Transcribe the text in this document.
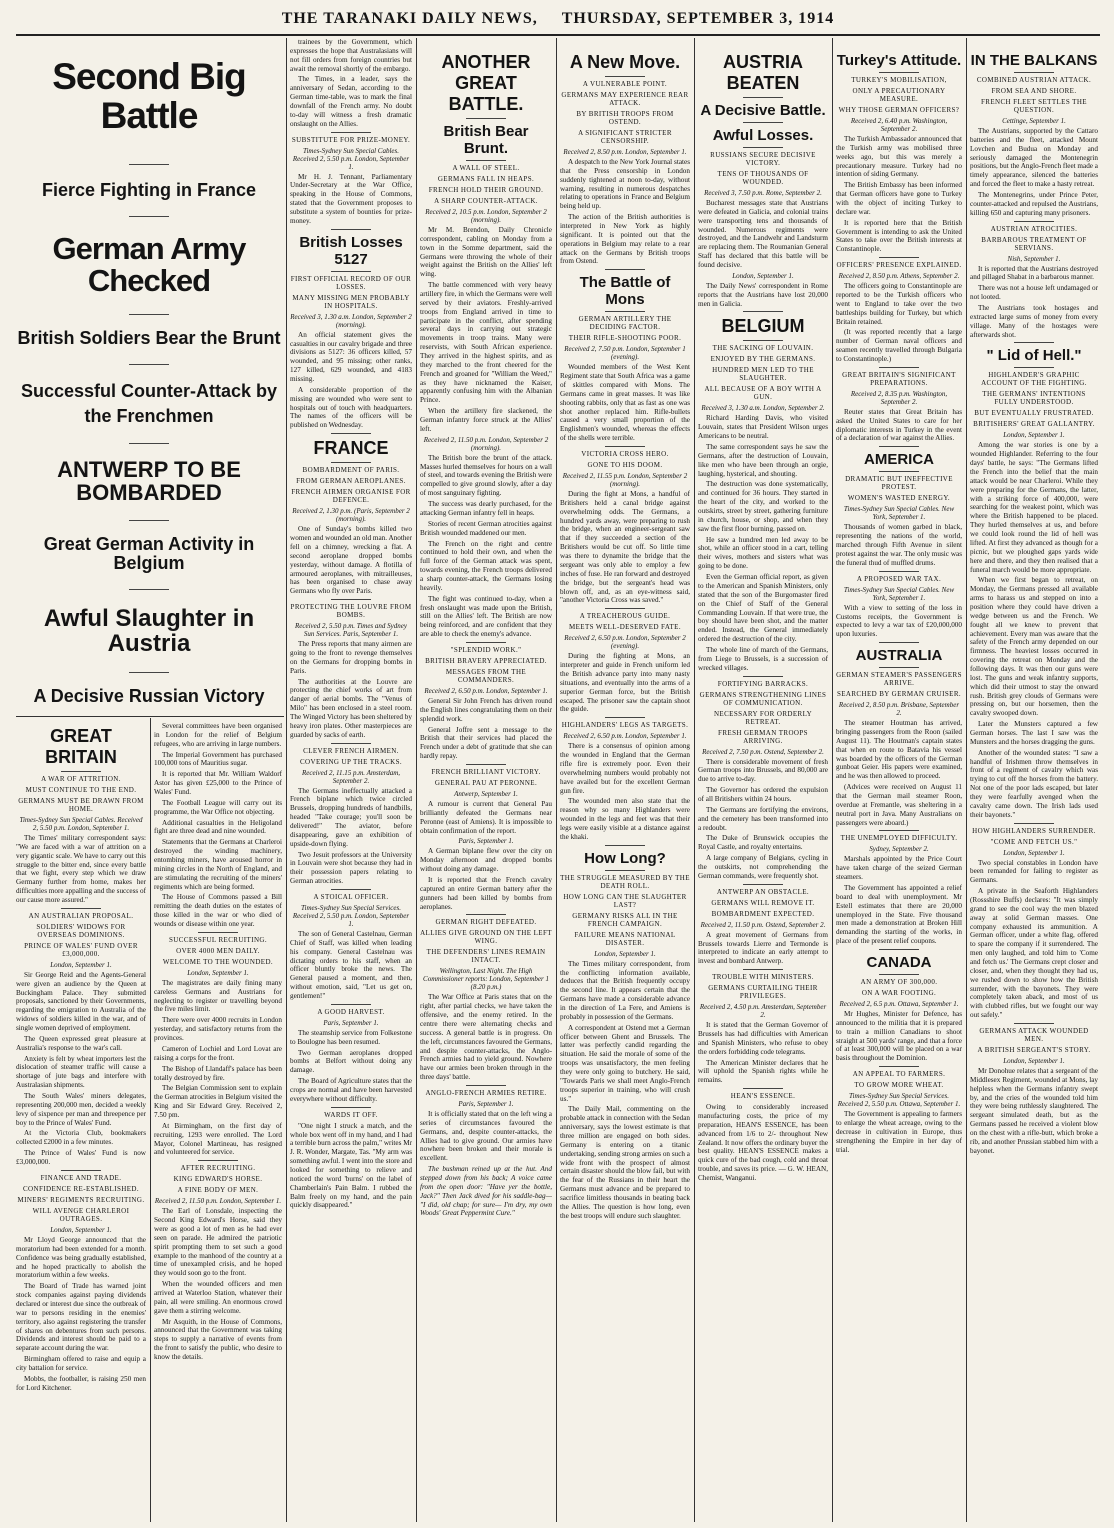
THE TARANAKI DAILY NEWS, THURSDAY, SEPTEMBER 3, 1914

Second Big Battle

Fierce Fighting in France

German Army Checked

British Soldiers Bear the Brunt

Successful Counter-Attack by the Frenchmen

ANTWERP TO BE BOMBARDED

Great German Activity in Belgium

Awful Slaughter in Austria

A Decisive Russian Victory

GREAT BRITAIN

A WAR OF ATTRITION.

MUST CONTINUE TO THE END.

GERMANS MUST BE DRAWN FROM HOME.

Times-Sydney Sun Special Cables. Received 2, 5.50 p.m. London, September 1.

The Times' military correspondent says: "We are faced with a war of attrition on a very gigantic scale. We have to carry out this struggle to the bitter end, since every battle that we fight, every step which we draw Germany further from home, makes her difficulties more appalling and the success of our cause more assured."

AN AUSTRALIAN PROPOSAL.

SOLDIERS' WIDOWS FOR OVERSEAS DOMINIONS.

PRINCE OF WALES' FUND OVER £3,000,000.

London, September 1.

Sir George Reid and the Agents-General were given an audience by the Queen at Buckingham Palace. They submitted proposals, sanctioned by their Governments, regarding the emigration to Australia of the widows of soldiers killed in the war, and of single women deprived of employment.

The Queen expressed great pleasure at Australia's response to the war's call.

Anxiety is felt by wheat importers lest the dislocation of steamer traffic will cause a shortage of jute bags and interfere with Australasian shipments.

The South Wales' miners delegates, representing 200,000 men, decided a weekly levy of sixpence per man and threepence per boy to the Prince of Wales' Fund.

At the Victoria Club, bookmakers collected £2000 in a few minutes.

The Prince of Wales' Fund is now £3,000,000.

FINANCE AND TRADE.

CONFIDENCE RE-ESTABLISHED.

MINERS' REGIMENTS RECRUITING.

WILL AVENGE CHARLEROI OUTRAGES.

London, September 1.

Mr Lloyd George announced that the moratorium had been extended for a month. Confidence was being gradually established, and he hoped practically to abolish the moratorium within a few weeks.

The Board of Trade has warned joint stock companies against paying dividends declared or interest due since the outbreak of war to persons residing in the enemies' territory, also against registering the transfer of shares on debentures from such persons. Dividends and interest should be paid to a separate account during the war.

Birmingham offered to raise and equip a city battalion for service.

Mobbs, the footballer, is raising 250 men for Lord Kitchener.

Several committees have been organised in London for the relief of Belgium refugees, who are arriving in large numbers.

The Imperial Government has purchased 100,000 tons of Mauritius sugar.

It is reported that Mr. William Waldorf Astor has given £25,000 to the Prince of Wales' Fund.

The Football League will carry out its programme, the War Office not objecting.

Additional casualties in the Heligoland fight are three dead and nine wounded.

Statements that the Germans at Charleroi destroyed the winding machinery, entombing miners, have aroused horror in mining circles in the North of England, and are stimulating the recruiting of the miners' regiments which are being formed.

The House of Commons passed a Bill remitting the death duties on the estates of those killed in the war or who died of wounds or disease within one year.

SUCCESSFUL RECRUITING.

OVER 4000 MEN DAILY.

WELCOME TO THE WOUNDED.

London, September 1.

The magistrates are daily fining many careless Germans and Austrians for neglecting to register or travelling beyond the five miles limit.

There were over 4000 recruits in London yesterday, and satisfactory returns from the provinces.

Cameron of Lochiel and Lord Lovat are raising a corps for the front.

The Bishop of Llandaff's palace has been totally destroyed by fire.

The Belgian Commission sent to explain the German atrocities in Belgium visited the King and Sir Edward Grey. Received 2, 7.50 pm.

At Birmingham, on the first day of recruiting, 1293 were enrolled. The Lord Mayor, Colonel Martineau, has resigned and volunteered for service.

AFTER RECRUITING.

KING EDWARD'S HORSE.

A FINE BODY OF MEN.

Received 2, 11.50 p.m. London, September 1.

The Earl of Lonsdale, inspecting the Second King Edward's Horse, said they were as good a lot of men as he had ever seen on parade. He admired the patriotic spirit prompting them to set such a good example to the manhood of the country at a time of unexampled crisis, and he hoped they would soon go to the front.

When the wounded officers and men arrived at Waterloo Station, whatever their pain, all were smiling. An enormous crowd gave them a stirring welcome.

Mr Asquith, in the House of Commons, announced that the Government was taking steps to supply a narrative of events from the front to satisfy the public, who desire to know the details.

trainees by the Government, which expresses the hope that Australasians will not fill orders from foreign countries but await the removal shortly of the embargo.

The Times, in a leader, says the anniversary of Sedan, according to the German time-table, was to mark the final downfall of the French army. No doubt to-day will witness a fresh dramatic onslaught on the Allies.

SUBSTITUTE FOR PRIZE-MONEY.

Times-Sydney Sun Special Cables. Received 2, 5.50 p.m. London, September 1.

Mr H. J. Tennant, Parliamentary Under-Secretary at the War Office, speaking in the House of Commons, stated that the Government proposes to substitute a system of bounties for prize-money.

British Losses 5127

FIRST OFFICIAL RECORD OF OUR LOSSES.

MANY MISSING MEN PROBABLY IN HOSPITALS.

Received 3, 1.30 a.m. London, September 2 (morning).

An official statement gives the casualties in our cavalry brigade and three divisions as 5127: 36 officers killed, 57 wounded, and 95 missing; other ranks, 127 killed, 629 wounded, and 4183 missing.

A considerable proportion of the missing are wounded who were sent to hospitals out of touch with headquarters. The names of the officers will be published on Wednesday.

FRANCE

BOMBARDMENT OF PARIS.

FROM GERMAN AEROPLANES.

FRENCH AIRMEN ORGANISE FOR DEFENCE.

Received 2, 1.30 p.m. (Paris, September 2 (morning).

One of Sunday's bombs killed two women and wounded an old man. Another fell on a chimney, wrecking a flat. A second aeroplane dropped bombs yesterday, without damage. A flotilla of armoured aeroplanes, with mitrailleuses, has been organised to chase away Germans who fly over Paris.

PROTECTING THE LOUVRE FROM BOMBS.

Received 2, 5.50 p.m. Times and Sydney Sun Services. Paris, September 1.

The Press reports that many airmen are going to the front to revenge themselves on the Germans for dropping bombs in Paris.

The authorities at the Louvre are protecting the chief works of art from danger of aerial bombs. The "Venus of Milo" has been enclosed in a steel room. The Winged Victory has been sheltered by heavy iron plates. Other masterpieces are guarded by sacks of earth.

CLEVER FRENCH AIRMEN.

COVERING UP THE TRACKS.

Received 2, 11.15 p.m. Amsterdam, September 2.

The Germans ineffectually attacked a French biplane which twice circled Brussels, dropping hundreds of handbills, headed "Take courage; you'll soon be delivered!" The aviator, before disappearing, gave an exhibition of upside-down flying.

Two Jesuit professors at the University in Louvain were shot because they had in their possession papers relating to German atrocities.

A STOICAL OFFICER.

Times-Sydney Sun Special Services. Received 2, 5.50 p.m. London, September 1.

The son of General Castelnau, German Chief of Staff, was killed when leading his company. General Castelnau was dictating orders to his staff, when an officer bluntly broke the news. The General paused a moment, and then, without emotion, said, "Let us get on, gentlemen!"

A GOOD HARVEST.

Paris, September 1.

The steamship service from Folkestone to Boulogne has been resumed.

Two German aeroplanes dropped bombs at Belfort without doing any damage.

The Board of Agriculture states that the crops are normal and have been harvested everywhere without difficulty.

WARDS IT OFF.

"One night I struck a match, and the whole box went off in my hand, and I had a terrible burn across the palm," writes Mr J. R. Wonder, Margate, Tas. "My arm was something awful. I went into the store and looked for something to relieve and noticed the word 'burns' on the label of Chamberlain's Pain Balm. I rubbed the Balm freely on my hand, and the pain quickly disappeared."

ANOTHER GREAT BATTLE.

British Bear Brunt.

A WALL OF STEEL.

GERMANS FALL IN HEAPS.

FRENCH HOLD THEIR GROUND.

A SHARP COUNTER-ATTACK.

Received 2, 10.5 p.m. London, September 2 (morning).

Mr M. Brendon, Daily Chronicle correspondent, cabling on Monday from a town in the Somme department, said the Germans were throwing the whole of their weight against the British on the Allies' left wing.

The battle commenced with very heavy artillery fire, in which the Germans were well served by their aviators. Freshly-arrived troops from England arrived in time to participate in the conflict, after spending several days in carrying out strategic movements in troop trains. Many were reservists, with South African experience. They arrived in the highest spirits, and as they marched to the front cheered for the French and groaned for "William the Weed," as they have nicknamed the Kaiser, apparently confusing him with the Albanian Prince.

When the artillery fire slackened, the German infantry force struck at the Allies' left.

Received 2, 11.50 p.m. London, September 2 (morning).

The British bore the brunt of the attack. Masses hurled themselves for hours on a wall of steel, and towards evening the British were compelled to give ground slowly, after a day of most sanguinary fighting.

The success was dearly purchased, for the attacking German infantry fell in heaps.

Stories of recent German atrocities against British wounded maddened our men.

The French on the right and centre continued to hold their own, and when the full force of the German attack was spent, towards evening, the French troops delivered a sharp counter-attack, the Germans losing heavily.

The fight was continued to-day, when a fresh onslaught was made upon the British, still on the Allies' left. The British are now being reinforced, and are confident that they are able to check the enemy's advance.

"SPLENDID WORK."

BRITISH BRAVERY APPRECIATED.

MESSAGES FROM THE COMMANDERS.

Received 2, 6.50 p.m. London, September 1.

General Sir John French has driven round the English lines congratulating them on their splendid work.

General Joffre sent a message to the British that their services had placed the French under a debt of gratitude that she can hardly repay.

FRENCH BRILLIANT VICTORY.

GENERAL PAU AT PERONNE.

Antwerp, September 1.

A rumour is current that General Pau brilliantly defeated the Germans near Peronne (east of Amiens). It is impossible to obtain confirmation of the report.

Paris, September 1.

A German biplane flew over the city on Monday afternoon and dropped bombs without doing any damage.

It is reported that the French cavalry captured an entire German battery after the gunners had been killed by bombs from aeroplanes.

GERMAN RIGHT DEFEATED.

ALLIES GIVE GROUND ON THE LEFT WING.

THE DEFENDERS' LINES REMAIN INTACT.

Wellington, Last Night. The High Commissioner reports: London, September 1 (8.20 p.m.)

The War Office at Paris states that on the right, after partial checks, we have taken the offensive, and the enemy retired. In the centre there were alternating checks and success. A general battle is in progress. On the left, circumstances favoured the Germans, and despite counter-attacks, the Anglo-French armies had to yield ground. Nowhere have our armies been broken through in the three days' battle.

ANGLO-FRENCH ARMIES RETIRE.

Paris, September 1.

It is officially stated that on the left wing a series of circumstances favoured the Germans, and, despite counter-attacks, the Allies had to give ground. Our armies have nowhere been broken and their morale is excellent.

The bushman reined up at the hut. And stepped down from his back; A voice came from the open door: "Have yer the bottle, Jack?" Then Jack dived for his saddle-bag— "I did, old chap; for sure— I'm dry, my own Woods' Great Peppermint Cure."

A New Move.

A VULNERABLE POINT.

GERMANS MAY EXPERIENCE REAR ATTACK.

BY BRITISH TROOPS FROM OSTEND.

A SIGNIFICANT STRICTER CENSORSHIP.

Received 2, 8.50 p.m. London, September 1.

A despatch to the New York Journal states that the Press censorship in London suddenly tightened at noon to-day, without warning, resulting in numerous despatches relating to operations in France and Belgium being held up.

The action of the British authorities is interpreted in New York as highly significant. It is pointed out that the operations in Belgium may relate to a rear attack on the Germans by British troops from Ostend.

The Battle of Mons

GERMAN ARTILLERY THE DECIDING FACTOR.

THEIR RIFLE-SHOOTING POOR.

Received 2, 7.50 p.m. London, September 1 (evening).

Wounded members of the West Kent Regiment state that South Africa was a game of skittles compared with Mons. The Germans came in great masses. It was like shooting rabbits, only that as fast as one was shot another replaced him. Rifle-bullets caused a very small proportion of the Englishmen's wounded, whereas the effects of the shells were terrible.

VICTORIA CROSS HERO.

GONE TO HIS DOOM.

Received 2, 11.55 p.m. London, September 2 (morning).

During the fight at Mons, a handful of Britishers held a canal bridge against overwhelming odds. The Germans, a hundred yards away, were preparing to rush the bridge, when an engineer-sergeant saw that if they succeeded a section of the Britishers would be cut off. So little time was there to dynamite the bridge that the sergeant was only able to employ a few inches of fuse. He ran forward and destroyed the bridge, but the sergeant's head was blown off, and, as an eye-witness said, "another Victoria Cross was saved."

A TREACHEROUS GUIDE.

MEETS WELL-DESERVED FATE.

Received 2, 6.50 p.m. London, September 2 (evening).

During the fighting at Mons, an interpreter and guide in French uniform led the British advance party into many nasty situations, and eventually into the arms of a superior German force, but the British escaped. The prisoner saw the captain shoot the guide.

HIGHLANDERS' LEGS AS TARGETS.

Received 2, 6.50 p.m. London, September 1.

There is a consensus of opinion among the wounded in England that the German rifle fire is extremely poor. Even their overwhelming numbers would probably not have availed but for the excellent German gun fire.

The wounded men also state that the reason why so many Highlanders were wounded in the legs and feet was that their legs were easily visible at a distance against the khaki.

How Long?

THE STRUGGLE MEASURED BY THE DEATH ROLL.

HOW LONG CAN THE SLAUGHTER LAST?

GERMANY RISKS ALL IN THE FRENCH CAMPAIGN.

FAILURE MEANS NATIONAL DISASTER.

London, September 1.

The Times military correspondent, from the conflicting information available, deduces that the British frequently occupy the second line. It appears certain that the Germans have made a considerable advance in the direction of La Fere, and Amiens is probably in possession of the Germans.

A correspondent at Ostend met a German officer between Ghent and Brussels. The latter was perfectly candid regarding the situation. He said the morale of some of the troops was unsatisfactory, the men feeling they were only going to butchery. He said, "Towards Paris we shall meet Anglo-French troops superior in training, who will crush us."

The Daily Mail, commenting on the probable attack in connection with the Sedan anniversary, says the lowest estimate is that three million are engaged on both sides. Germany is entering on a titanic undertaking, sending strong armies on such a wide front with the prospect of almost certain disaster should the blow fail, but with the fear of the Russians in their heart the Germans must advance and be prepared to sacrifice limitless thousands in beating back the Allies. The question is how long, even the best troops will endure such slaughter.

AUSTRIA BEATEN

A Decisive Battle.

Awful Losses.

RUSSIANS SECURE DECISIVE VICTORY.

TENS OF THOUSANDS OF WOUNDED.

Received 3, 7.50 p.m. Rome, September 2.

Bucharest messages state that Austrians were defeated in Galicia, and colonial trains were transporting tens and thousands of wounded. Numerous regiments were destroyed, and the Landwehr and Landsturm are replacing them. The Roumanian General Staff has declared that this battle will be found decisive.

London, September 1.

The Daily News' correspondent in Rome reports that the Austrians have lost 20,000 men in Galicia.

BELGIUM

THE SACKING OF LOUVAIN.

ENJOYED BY THE GERMANS.

HUNDRED MEN LED TO THE SLAUGHTER.

ALL BECAUSE OF A BOY WITH A GUN.

Received 3, 1.30 a.m. London, September 2.

Richard Harding Davis, who visited Louvain, states that President Wilson urges Americans to be neutral.

The same correspondent says he saw the Germans, after the destruction of Louvain, like men who have been through an orgie, laughing, hysterical, and shouting.

The destruction was done systematically, and continued for 36 hours. They started in the heart of the city, and worked to the outskirts, street by street, gathering furniture in church, house, or shop, and when they saw the first floor burning, passed on.

He saw a hundred men led away to be shot, while an officer stood in a cart, telling their wives, mothers and sisters what was going to be done.

Even the German official report, as given to the American and Spanish Ministers, only stated that the son of the Burgomaster fired on the Chief of Staff of the General Commanding Louvain. If that were true, the boy should have been shot, and the matter ended. Instead, the General immediately ordered the destruction of the city.

The whole line of march of the Germans, from Liege to Brussels, is a succession of wrecked villages.

FORTIFYING BARRACKS.

GERMANS STRENGTHENING LINES OF COMMUNICATION.

NECESSARY FOR ORDERLY RETREAT.

FRESH GERMAN TROOPS ARRIVING.

Received 2, 7.50 p.m. Ostend, September 2.

There is considerable movement of fresh German troops into Brussels, and 80,000 are due to arrive to-day.

The Governor has ordered the expulsion of all Britishers within 24 hours.

The Germans are fortifying the environs, and the cemetery has been transformed into a redoubt.

The Duke of Brunswick occupies the Royal Castle, and royalty entertains.

A large company of Belgians, cycling in the outskirts, not comprehending the German commands, were frequently shot.

ANTWERP AN OBSTACLE.

GERMANS WILL REMOVE IT.

BOMBARDMENT EXPECTED.

Received 2, 11.50 p.m. Ostend, September 2.

A great movement of Germans from Brussels towards Lierre and Termonde is interpreted to indicate an early attempt to invest and bombard Antwerp.

TROUBLE WITH MINISTERS.

GERMANS CURTAILING THEIR PRIVILEGES.

Received 2, 4.50 p.m. Amsterdam, September 2.

It is stated that the German Governor of Brussels has had difficulties with American and Spanish Ministers, who refuse to obey the orders forbidding code telegrams.

The American Minister declares that he will uphold the Spanish rights while he remains.

HEAN'S ESSENCE.

Owing to considerably increased manufacturing costs, the price of my preparation, HEAN'S ESSENCE, has been advanced from 1/6 to 2/- throughout New Zealand. It now offers the ordinary buyer the best quality. HEAN'S ESSENCE makes a quick cure of the bad cough, cold and throat trouble, and saves its price. — G. W. HEAN, Chemist, Wanganui.

Turkey's Attitude.

TURKEY'S MOBILISATION,

ONLY A PRECAUTIONARY MEASURE.

WHY THOSE GERMAN OFFICERS?

Received 2, 6.40 p.m. Washington, September 2.

The Turkish Ambassador announced that the Turkish army was mobilised three weeks ago, but this was merely a precautionary measure. Turkey had no intention of siding Germany.

The British Embassy has been informed that German officers have gone to Turkey with the object of inciting Turkey to declare war.

It is reported here that the British Government is intending to ask the United States to take over the British interests at Constantinople.

OFFICERS' PRESENCE EXPLAINED.

Received 2, 8.50 p.m. Athens, September 2.

The officers going to Constantinople are reported to be the Turkish officers who went to England to take over the two battleships building for Turkey, but which Britain retained.

(It was reported recently that a large number of German naval officers and seamen recently travelled through Bulgaria to Constantinople.)

GREAT BRITAIN'S SIGNIFICANT PREPARATIONS.

Received 2, 8.35 p.m. Washington, September 2.

Reuter states that Great Britain has asked the United States to care for her diplomatic interests in Turkey in the event of a declaration of war against the Allies.

AMERICA

DRAMATIC BUT INEFFECTIVE PROTEST.

WOMEN'S WASTED ENERGY.

Times-Sydney Sun Special Cables. New York, September 1.

Thousands of women garbed in black, representing the nations of the world, marched through Fifth Avenue in silent protest against the war. The only music was the funeral thud of muffled drums.

A PROPOSED WAR TAX.

Times-Sydney Sun Special Cables. New York, September 1.

With a view to setting of the loss in Customs receipts, the Government is expected to levy a war tax of £20,000,000 upon luxuries.

AUSTRALIA

GERMAN STEAMER'S PASSENGERS ARRIVE.

SEARCHED BY GERMAN CRUISER.

Received 2, 8.50 p.m. Brisbane, September 2.

The steamer Houtman has arrived, bringing passengers from the Roon (sailed August 11). The Houtman's captain states that when en route to Batavia his vessel was boarded by the officers of the German gunboat Geier. His papers were examined, and he was then allowed to proceed.

(Advices were received on August 11 that the German mail steamer Roon, overdue at Fremantle, was sheltering in a neutral port in Java. Many Australians on passengers were aboard.)

THE UNEMPLOYED DIFFICULTY.

Sydney, September 2.

Marshals appointed by the Price Court have taken charge of the seized German steamers.

The Government has appointed a relief board to deal with unemployment. Mr Estell estimates that there are 20,000 unemployed in the State. Five thousand men made a demonstration at Broken Hill demanding the starting of the works, in place of the present relief coupons.

CANADA

AN ARMY OF 300,000.

ON A WAR FOOTING.

Received 2, 6.5 p.m. Ottawa, September 1.

Mr Hughes, Minister for Defence, has announced to the militia that it is prepared to train a million Canadians to shoot straight at 500 yards' range, and that a force of at least 300,000 will be placed on a war basis throughout the Dominion.

AN APPEAL TO FARMERS.

TO GROW MORE WHEAT.

Times-Sydney Sun Special Services. Received 2, 5.50 p.m. Ottawa, September 1.

The Government is appealing to farmers to enlarge the wheat acreage, owing to the decrease in cultivation in Europe, thus strengthening the Empire in her day of trial.

IN THE BALKANS

COMBINED AUSTRIAN ATTACK.

FROM SEA AND SHORE.

FRENCH FLEET SETTLES THE QUESTION.

Cettinge, September 1.

The Austrians, supported by the Cattaro batteries and the fleet, attacked Mount Lovchen and Budua on Monday and seriously damaged the Montenegrin positions, but the Anglo-French fleet made a timely appearance, silenced the batteries and forced the fleet to make a hasty retreat.

The Montenegrins, under Prince Peter, counter-attacked and repulsed the Austrians, killing 650 and capturing many prisoners.

AUSTRIAN ATROCITIES.

BARBAROUS TREATMENT OF SERVIANS.

Nish, September 1.

It is reported that the Austrians destroyed and pillaged Shabat in a barbarous manner.

There was not a house left undamaged or not looted.

The Austrians took hostages and extracted large sums of money from every village. Many of the hostages were afterwards shot.

" Lid of Hell."

HIGHLANDER'S GRAPHIC ACCOUNT OF THE FIGHTING.

THE GERMANS' INTENTIONS FULLY UNDERSTOOD.

BUT EVENTUALLY FRUSTRATED.

BRITISHERS' GREAT GALLANTRY.

London, September 1.

Among the war stories is one by a wounded Highlander. Referring to the four days' battle, he says: "The Germans lifted the French into the belief that the main attack would be near Charleroi. While they were preparing for the Germans, the latter, with a striking force of 400,000, were searching for the weakest point, which was where the British happened to be placed. They hurled themselves at us, and before we could look round the lid of hell was lifted. At first they advanced as though for a picnic, but we ploughed gaps yards wide here and there, and they then realised that a funeral march would be more appropriate.

When we first began to retreat, on Monday, the Germans pressed all available arms to harass us and stepped on into a position where they could have driven a wedge between us and the French. We fought all we knew to prevent that achievement. Every man was aware that the safety of the French army depended on our firmness. The heaviest losses occurred in covering the retreat on Monday and the following days. It was then our guns were lost. The guns and weak infantry supports, which did their utmost to stay the onward rush. British grey clouds of Germans were pressing on, but our horsemen, then the cavalry swooped down.

Later the Munsters captured a few German horses. The last I saw was the Munsters and the horses dragging the guns.

Another of the wounded states: "I saw a handful of Irishmen throw themselves in front of a regiment of cavalry which was trying to cut off the horses from the battery. Not one of the poor lads escaped, but later they were fearfully avenged when the cavalry came down. The Irish lads used their bayonets."

HOW HIGHLANDERS SURRENDER.

"COME AND FETCH US."

London, September 1.

Two special constables in London have been remanded for failing to register as Germans.

A private in the Seaforth Highlanders (Rossshire Buffs) declares: "It was simply grand to see the cool way the men blazed away at solid German masses. One company exhausted its ammunition. A German officer, under a white flag, offered to spare the company if it surrendered. The men only laughed, and told him to 'Come and fetch us.' The Germans crept closer and closer, and, when they thought they had us, we rushed down to show how the British surrender, with the bayonets. They were completely taken aback, and most of us with clubbed rifles, but we fought our way out safely."

GERMANS ATTACK WOUNDED MEN.

A BRITISH SERGEANT'S STORY.

London, September 1.

Mr Donohue relates that a sergeant of the Middlesex Regiment, wounded at Mons, lay helpless when the Germans infantry swept by, and the cries of the wounded told him they were being ruthlessly slaughtered. The sergeant simulated death, but as the Germans passed he received a violent blow on the chest with a rifle-butt, which broke a rib, and another Prussian stabbed him with a bayonet.
